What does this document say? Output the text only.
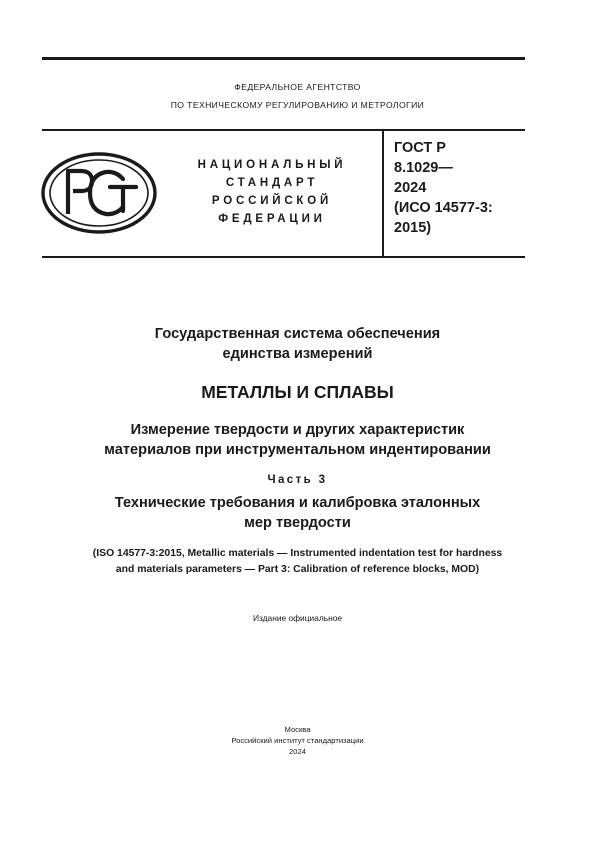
ФЕДЕРАЛЬНОЕ АГЕНТСТВО
ПО ТЕХНИЧЕСКОМУ РЕГУЛИРОВАНИЮ И МЕТРОЛОГИИ
НАЦИОНАЛЬНЫЙ
СТАНДАРТ
РОССИЙСКОЙ
ФЕДЕРАЦИИ
ГОСТ Р
8.1029—
2024
(ИСО 14577-3:
2015)
Государственная система обеспечения
единства измерений
МЕТАЛЛЫ И СПЛАВЫ
Измерение твердости и других характеристик
материалов при инструментальном индентировании
Часть 3
Технические требования и калибровка эталонных
мер твердости
(ISO 14577-3:2015, Metallic materials — Instrumented indentation test for hardness
and materials parameters — Part 3: Calibration of reference blocks, MOD)
Издание официальное
Москва
Российский институт стандартизации
2024
